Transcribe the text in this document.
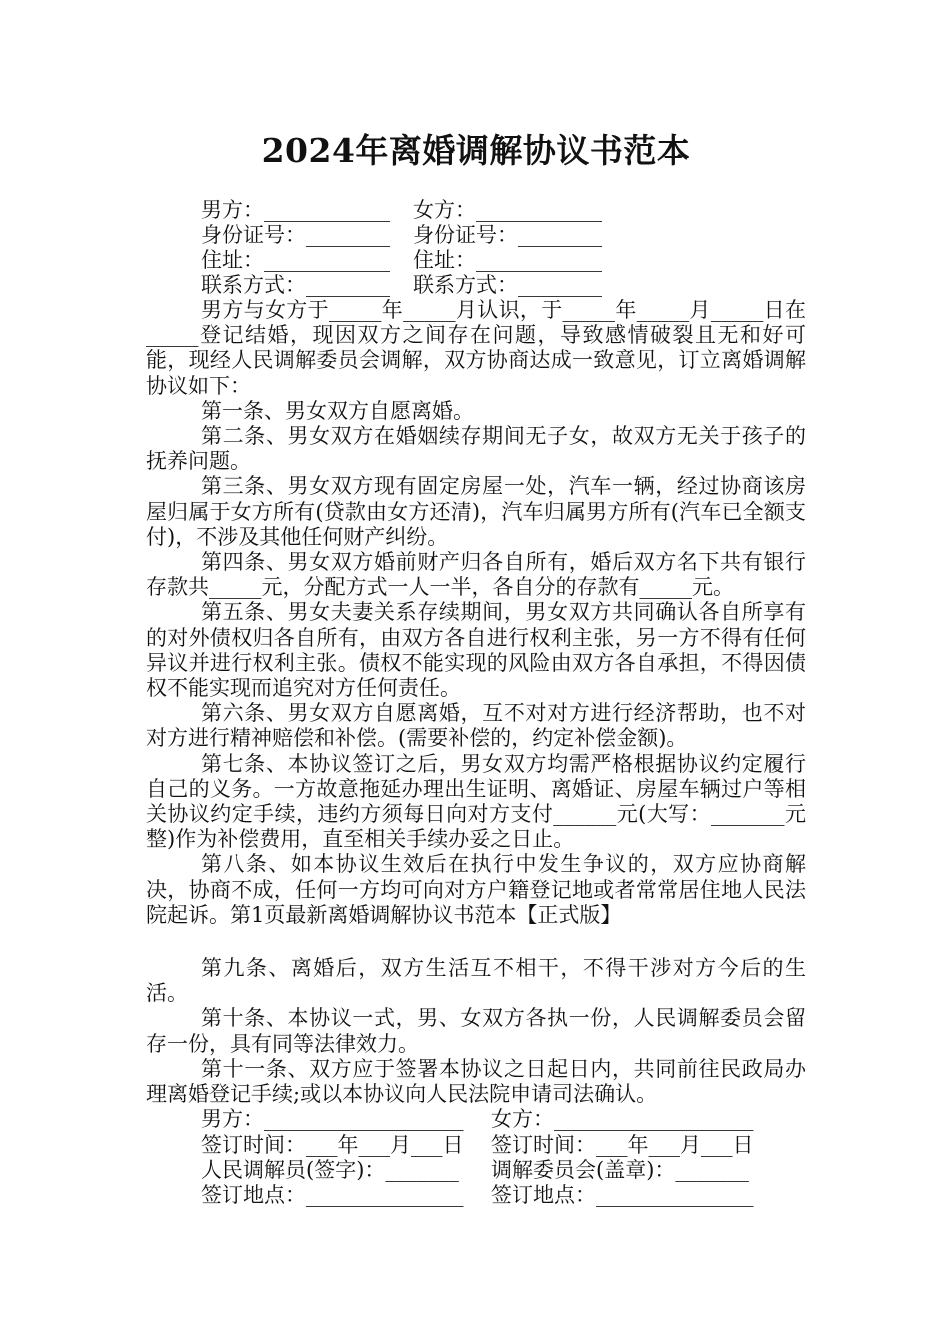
2024年离婚调解协议书范本
男方：____________	女方：____________
身份证号：________	身份证号：________
住址：____________	住址：____________
联系方式：________	联系方式：________

男方与女方于_____年_____月认识，于_____年_____月_____日在_____登记结婚，现因双方之间存在问题，导致感情破裂且无和好可能，现经人民调解委员会调解，双方协商达成一致意见，订立离婚调解协议如下：

第一条、男女双方自愿离婚。

第二条、男女双方在婚姻续存期间无子女，故双方无关于孩子的抚养问题。

第三条、男女双方现有固定房屋一处，汽车一辆，经过协商该房屋归属于女方所有(贷款由女方还清)，汽车归属男方所有(汽车已全额支付)，不涉及其他任何财产纠纷。

第四条、男女双方婚前财产归各自所有，婚后双方名下共有银行存款共_____元，分配方式一人一半，各自分的存款有_____元。

第五条、男女夫妻关系存续期间，男女双方共同确认各自所享有的对外债权归各自所有，由双方各自进行权利主张，另一方不得有任何异议并进行权利主张。债权不能实现的风险由双方各自承担，不得因债权不能实现而追究对方任何责任。

第六条、男女双方自愿离婚，互不对对方进行经济帮助，也不对对方进行精神赔偿和补偿。(需要补偿的，约定补偿金额)。

第七条、本协议签订之后，男女双方均需严格根据协议约定履行自己的义务。一方故意拖延办理出生证明、离婚证、房屋车辆过户等相关协议约定手续，违约方须每日向对方支付______元(大写：_______元整)作为补偿费用，直至相关手续办妥之日止。

第八条、如本协议生效后在执行中发生争议的，双方应协商解决，协商不成，任何一方均可向对方户籍登记地或者常常居住地人民法院起诉。第1页最新离婚调解协议书范本【正式版】

第九条、离婚后，双方生活互不相干，不得干涉对方今后的生活。

第十条、本协议一式，男、女双方各执一份，人民调解委员会留存一份，具有同等法律效力。

第十一条、双方应于签署本协议之日起日内，共同前往民政局办理离婚登记手续;或以本协议向人民法院申请司法确认。

男方：___________________	女方：___________________
签订时间：___年___月___日	签订时间：___年___月___日
人民调解员(签字)：_______	调解委员会(盖章)：_______
签订地点：_______________	签订地点：_______________
